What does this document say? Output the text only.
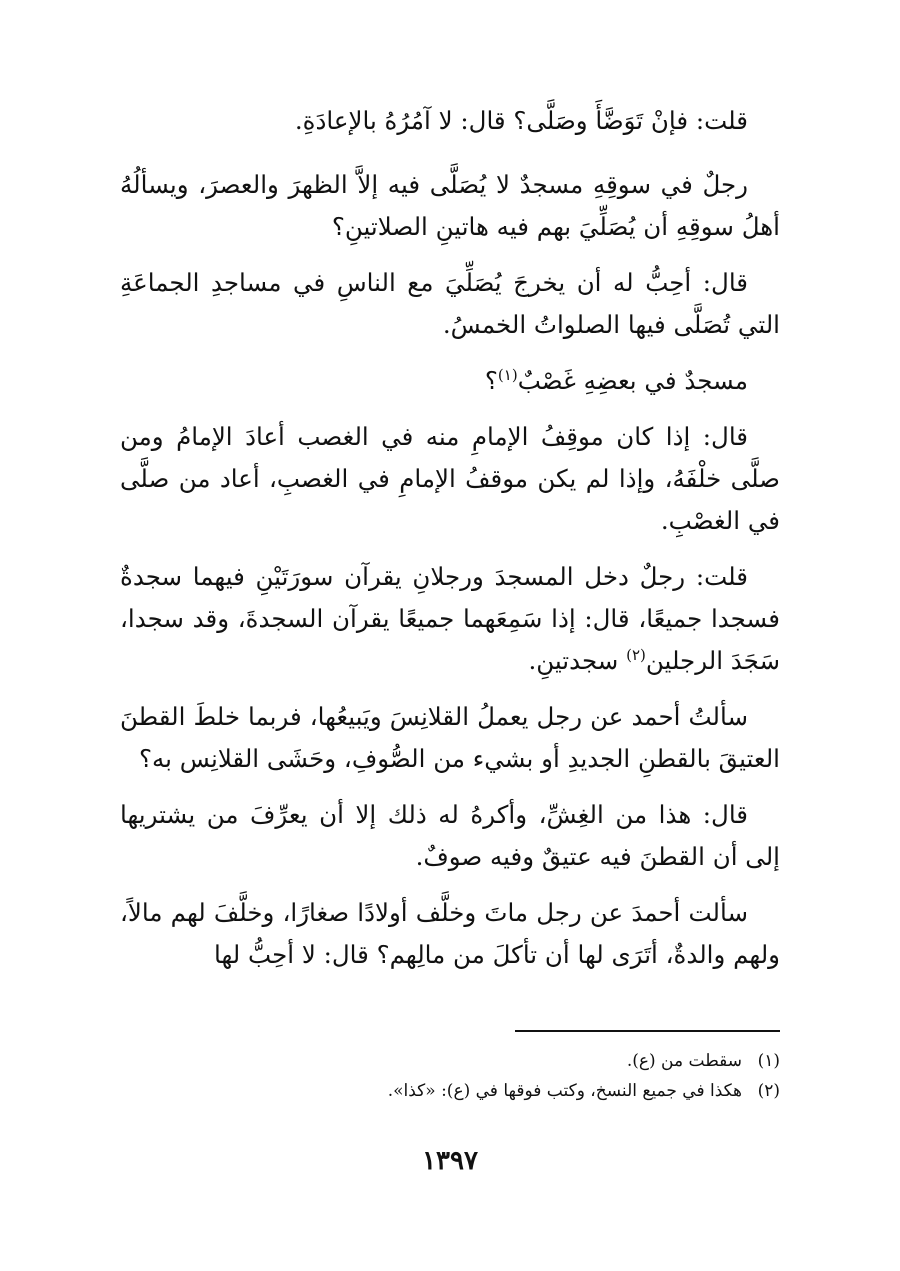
قلت: فإنْ تَوَضَّأَ وصَلَّى؟ قال: لا آمُرُهُ بالإعادَةِ.

رجلٌ في سوقِهِ مسجدٌ لا يُصَلَّى فيه إلاَّ الظهرَ والعصرَ، ويسألُهُ أهلُ سوقِهِ أن يُصَلِّيَ بهم فيه هاتينِ الصلاتينِ؟

قال: أحِبُّ له أن يخرجَ يُصَلِّيَ مع الناسِ في مساجدِ الجماعَةِ التي تُصَلَّى فيها الصلواتُ الخمسُ.

مسجدٌ في بعضِهِ غَصْبٌ$^{(١)}$؟

قال: إذا كان موقِفُ الإمامِ منه في الغصب أعادَ الإمامُ ومن صلَّى خلْفَهُ، وإذا لم يكن موقفُ الإمامِ في الغصبِ، أعاد من صلَّى في الغصْبِ.

قلت: رجلٌ دخل المسجدَ ورجلانِ يقرآن سورَتَيْنِ فيهما سجدةٌ فسجدا جميعًا، قال: إذا سَمِعَهما جميعًا يقرآن السجدةَ، وقد سجدا، سَجَدَ الرجلين$^{(٢)}$ سجدتينِ.

سألتُ أحمد عن رجل يعملُ القلانِسَ ويَبيعُها، فربما خلطَ القطنَ العتيقَ بالقطنِ الجديدِ أو بشيء من الصُّوفِ، وحَشَى القلانِس به؟

قال: هذا من الغِشِّ، وأكرهُ له ذلك إلا أن يعرِّفَ من يشتريها إلى أن القطنَ فيه عتيقٌ وفيه صوفٌ.

سألت أحمدَ عن رجل ماتَ وخلَّف أولادًا صغارًا، وخلَّفَ لهم مالاً، ولهم والدةٌ، أتَرَى لها أن تأكلَ من مالِهم؟ قال: لا أحِبُّ لها

(١)سقطت من (ع).

(٢)هكذا في جميع النسخ، وكتب فوقها في (ع): «كذا».

١٣٩٧
